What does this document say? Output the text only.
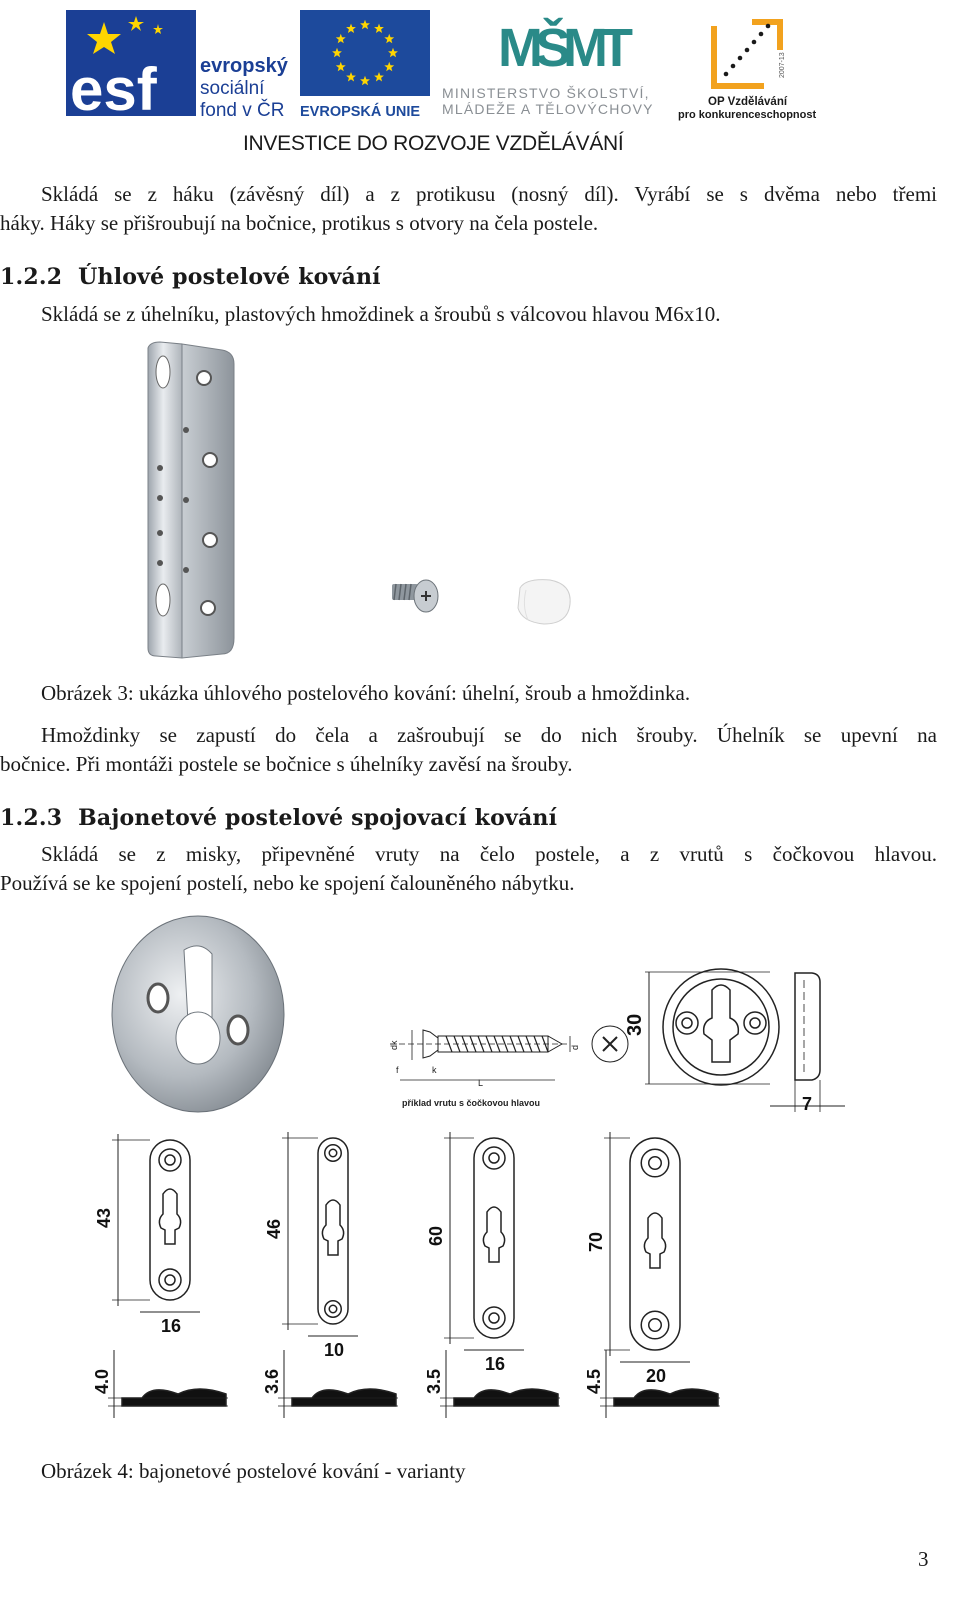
esf evropský
sociální
fond v ČR EVROPSKÁ UNIE
MŠMT
MINISTERSTVO ŠKOLSTVÍ,
MLÁDEŽE A TĚLOVÝCHOVY
2007-13
OP Vzdělávání
pro konkurenceschopnost
INVESTICE DO ROZVOJE VZDĚLÁVÁNÍ
Skládá se z háku (závěsný díl) a z protikusu (nosný díl). Vyrábí se s dvěma nebo třemi
háky. Háky se přišroubují na bočnice, protikus s otvory na čela postele.
1.2.2 Úhlové postelové kování
Skládá se z úhelníku, plastových hmoždinek a šroubů s válcovou hlavou M6x10.
Obrázek 3: ukázka úhlového postelového kování: úhelní, šroub a hmoždinka.
Hmoždinky se zapustí do čela a zašroubují se do nich šrouby. Úhelník se upevní na
bočnice. Při montáži postele se bočnice s úhelníky zavěsí na šrouby.
1.2.3 Bajonetové postelové spojovací kování
Skládá se z misky, připevněné vruty na čelo postele, a z vrutů s čočkovou hlavou.
Používá se ke spojení postelí, nebo ke spojení čalouněného nábytku.
dk	d
f	k
L
příklad vrutu s čočkovou hlavou
30
7
43
16
4.0
46
10
3.6
60
16
3.5
70
20
4.5
Obrázek 4: bajonetové postelové kování - varianty
3
